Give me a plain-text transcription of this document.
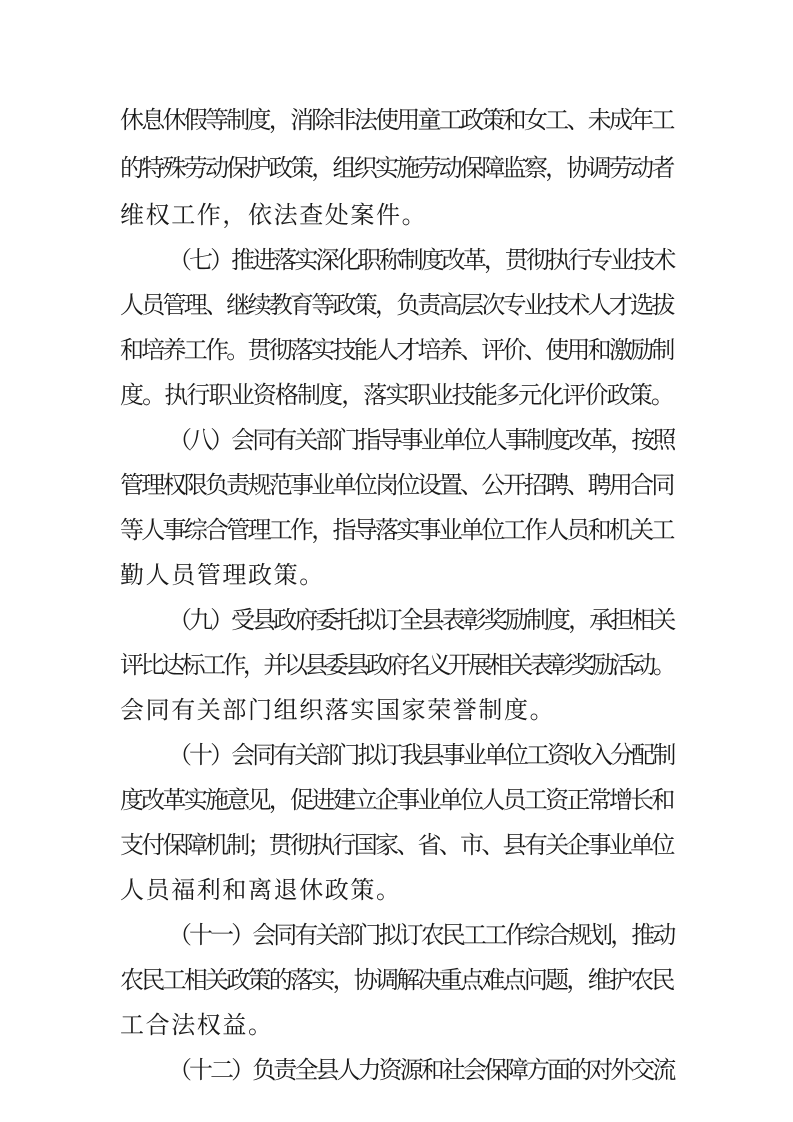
休息休假等制度，消除非法使用童工政策和女工、未成年工
的特殊劳动保护政策，组织实施劳动保障监察，协调劳动者
维权工作，依法查处案件。
（七）推进落实深化职称制度改革，贯彻执行专业技术
人员管理、继续教育等政策，负责高层次专业技术人才选拔
和培养工作。贯彻落实技能人才培养、评价、使用和激励制
度。执行职业资格制度，落实职业技能多元化评价政策。
（八）会同有关部门指导事业单位人事制度改革，按照
管理权限负责规范事业单位岗位设置、公开招聘、聘用合同
等人事综合管理工作，指导落实事业单位工作人员和机关工
勤人员管理政策。
（九）受县政府委托拟订全县表彰奖励制度，承担相关
评比达标工作，并以县委县政府名义开展相关表彰奖励活动。
会同有关部门组织落实国家荣誉制度。
（十）会同有关部门拟订我县事业单位工资收入分配制
度改革实施意见，促进建立企事业单位人员工资正常增长和
支付保障机制；贯彻执行国家、省、市、县有关企事业单位
人员福利和离退休政策。
（十一）会同有关部门拟订农民工工作综合规划，推动
农民工相关政策的落实，协调解决重点难点问题，维护农民
工合法权益。
（十二）负责全县人力资源和社会保障方面的对外交流
